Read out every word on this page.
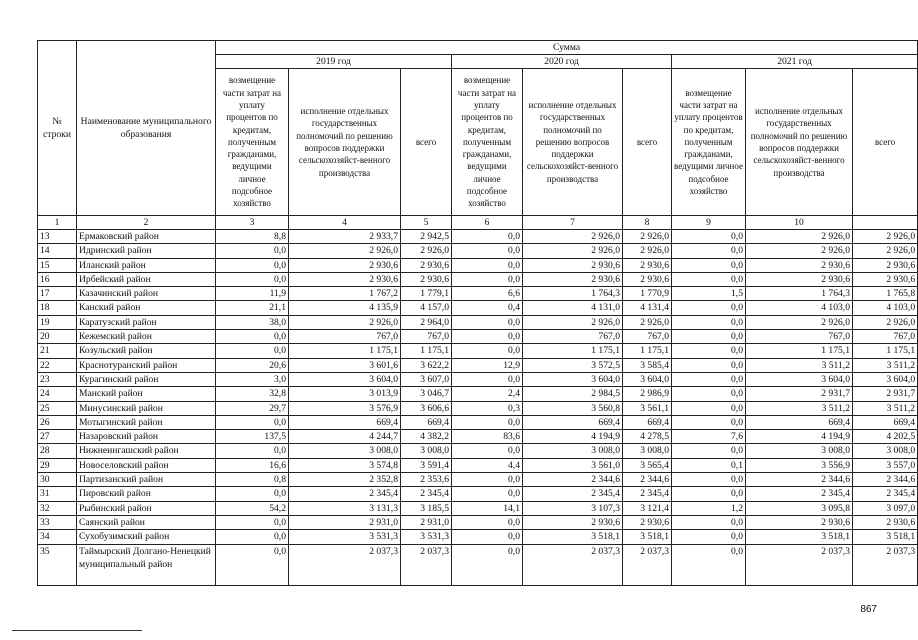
№ строки	Наименование муниципального образования	Сумма								
		2019 год			2020 год			2021 год		
		возмещение части затрат на уплату процентов по кредитам, полученным гражданами, ведущими личное подсобное хозяйство	исполнение отдельных государственных полномочий по решению вопросов поддержки сельскохозяйст-венного производства	всего	возмещение части затрат на уплату процентов по кредитам, полученным гражданами, ведущими личное подсобное хозяйство	исполнение отдельных государственных полномочий по решению вопросов поддержки сельскохозяйст-венного производства	всего	возмещение части затрат на уплату процентов по кредитам, полученным гражданами, ведущими личное подсобное хозяйство	исполнение отдельных государственных полномочий по решению вопросов поддержки сельскохозяйст-венного производства	всего
1	2	3	4	5	6	7	8	9	10	
13	Ермаковский район	8,8	2 933,7	2 942,5	0,0	2 926,0	2 926,0	0,0	2 926,0	2 926,0
14	Идринский район	0,0	2 926,0	2 926,0	0,0	2 926,0	2 926,0	0,0	2 926,0	2 926,0
15	Иланский район	0,0	2 930,6	2 930,6	0,0	2 930,6	2 930,6	0,0	2 930,6	2 930,6
16	Ирбейский район	0,0	2 930,6	2 930,6	0,0	2 930,6	2 930,6	0,0	2 930,6	2 930,6
17	Казачинский район	11,9	1 767,2	1 779,1	6,6	1 764,3	1 770,9	1,5	1 764,3	1 765,8
18	Канский район	21,1	4 135,9	4 157,0	0,4	4 131,0	4 131,4	0,0	4 103,0	4 103,0
19	Каратузский район	38,0	2 926,0	2 964,0	0,0	2 926,0	2 926,0	0,0	2 926,0	2 926,0
20	Кежемский район	0,0	767,0	767,0	0,0	767,0	767,0	0,0	767,0	767,0
21	Козульский район	0,0	1 175,1	1 175,1	0,0	1 175,1	1 175,1	0,0	1 175,1	1 175,1
22	Краснотуранский район	20,6	3 601,6	3 622,2	12,9	3 572,5	3 585,4	0,0	3 511,2	3 511,2
23	Курагинский район	3,0	3 604,0	3 607,0	0,0	3 604,0	3 604,0	0,0	3 604,0	3 604,0
24	Манский район	32,8	3 013,9	3 046,7	2,4	2 984,5	2 986,9	0,0	2 931,7	2 931,7
25	Минусинский район	29,7	3 576,9	3 606,6	0,3	3 560,8	3 561,1	0,0	3 511,2	3 511,2
26	Мотыгинский район	0,0	669,4	669,4	0,0	669,4	669,4	0,0	669,4	669,4
27	Назаровский район	137,5	4 244,7	4 382,2	83,6	4 194,9	4 278,5	7,6	4 194,9	4 202,5
28	Нижнеингашский район	0,0	3 008,0	3 008,0	0,0	3 008,0	3 008,0	0,0	3 008,0	3 008,0
29	Новоселовский район	16,6	3 574,8	3 591,4	4,4	3 561,0	3 565,4	0,1	3 556,9	3 557,0
30	Партизанский район	0,8	2 352,8	2 353,6	0,0	2 344,6	2 344,6	0,0	2 344,6	2 344,6
31	Пировский район	0,0	2 345,4	2 345,4	0,0	2 345,4	2 345,4	0,0	2 345,4	2 345,4
32	Рыбинский район	54,2	3 131,3	3 185,5	14,1	3 107,3	3 121,4	1,2	3 095,8	3 097,0
33	Саянский район	0,0	2 931,0	2 931,0	0,0	2 930,6	2 930,6	0,0	2 930,6	2 930,6
34	Сухобузимский район	0,0	3 531,3	3 531,3	0,0	3 518,1	3 518,1	0,0	3 518,1	3 518,1
35	Таймырский Долгано-Ненецкий муниципальный район	0,0	2 037,3	2 037,3	0,0	2 037,3	2 037,3	0,0	2 037,3	2 037,3
867
